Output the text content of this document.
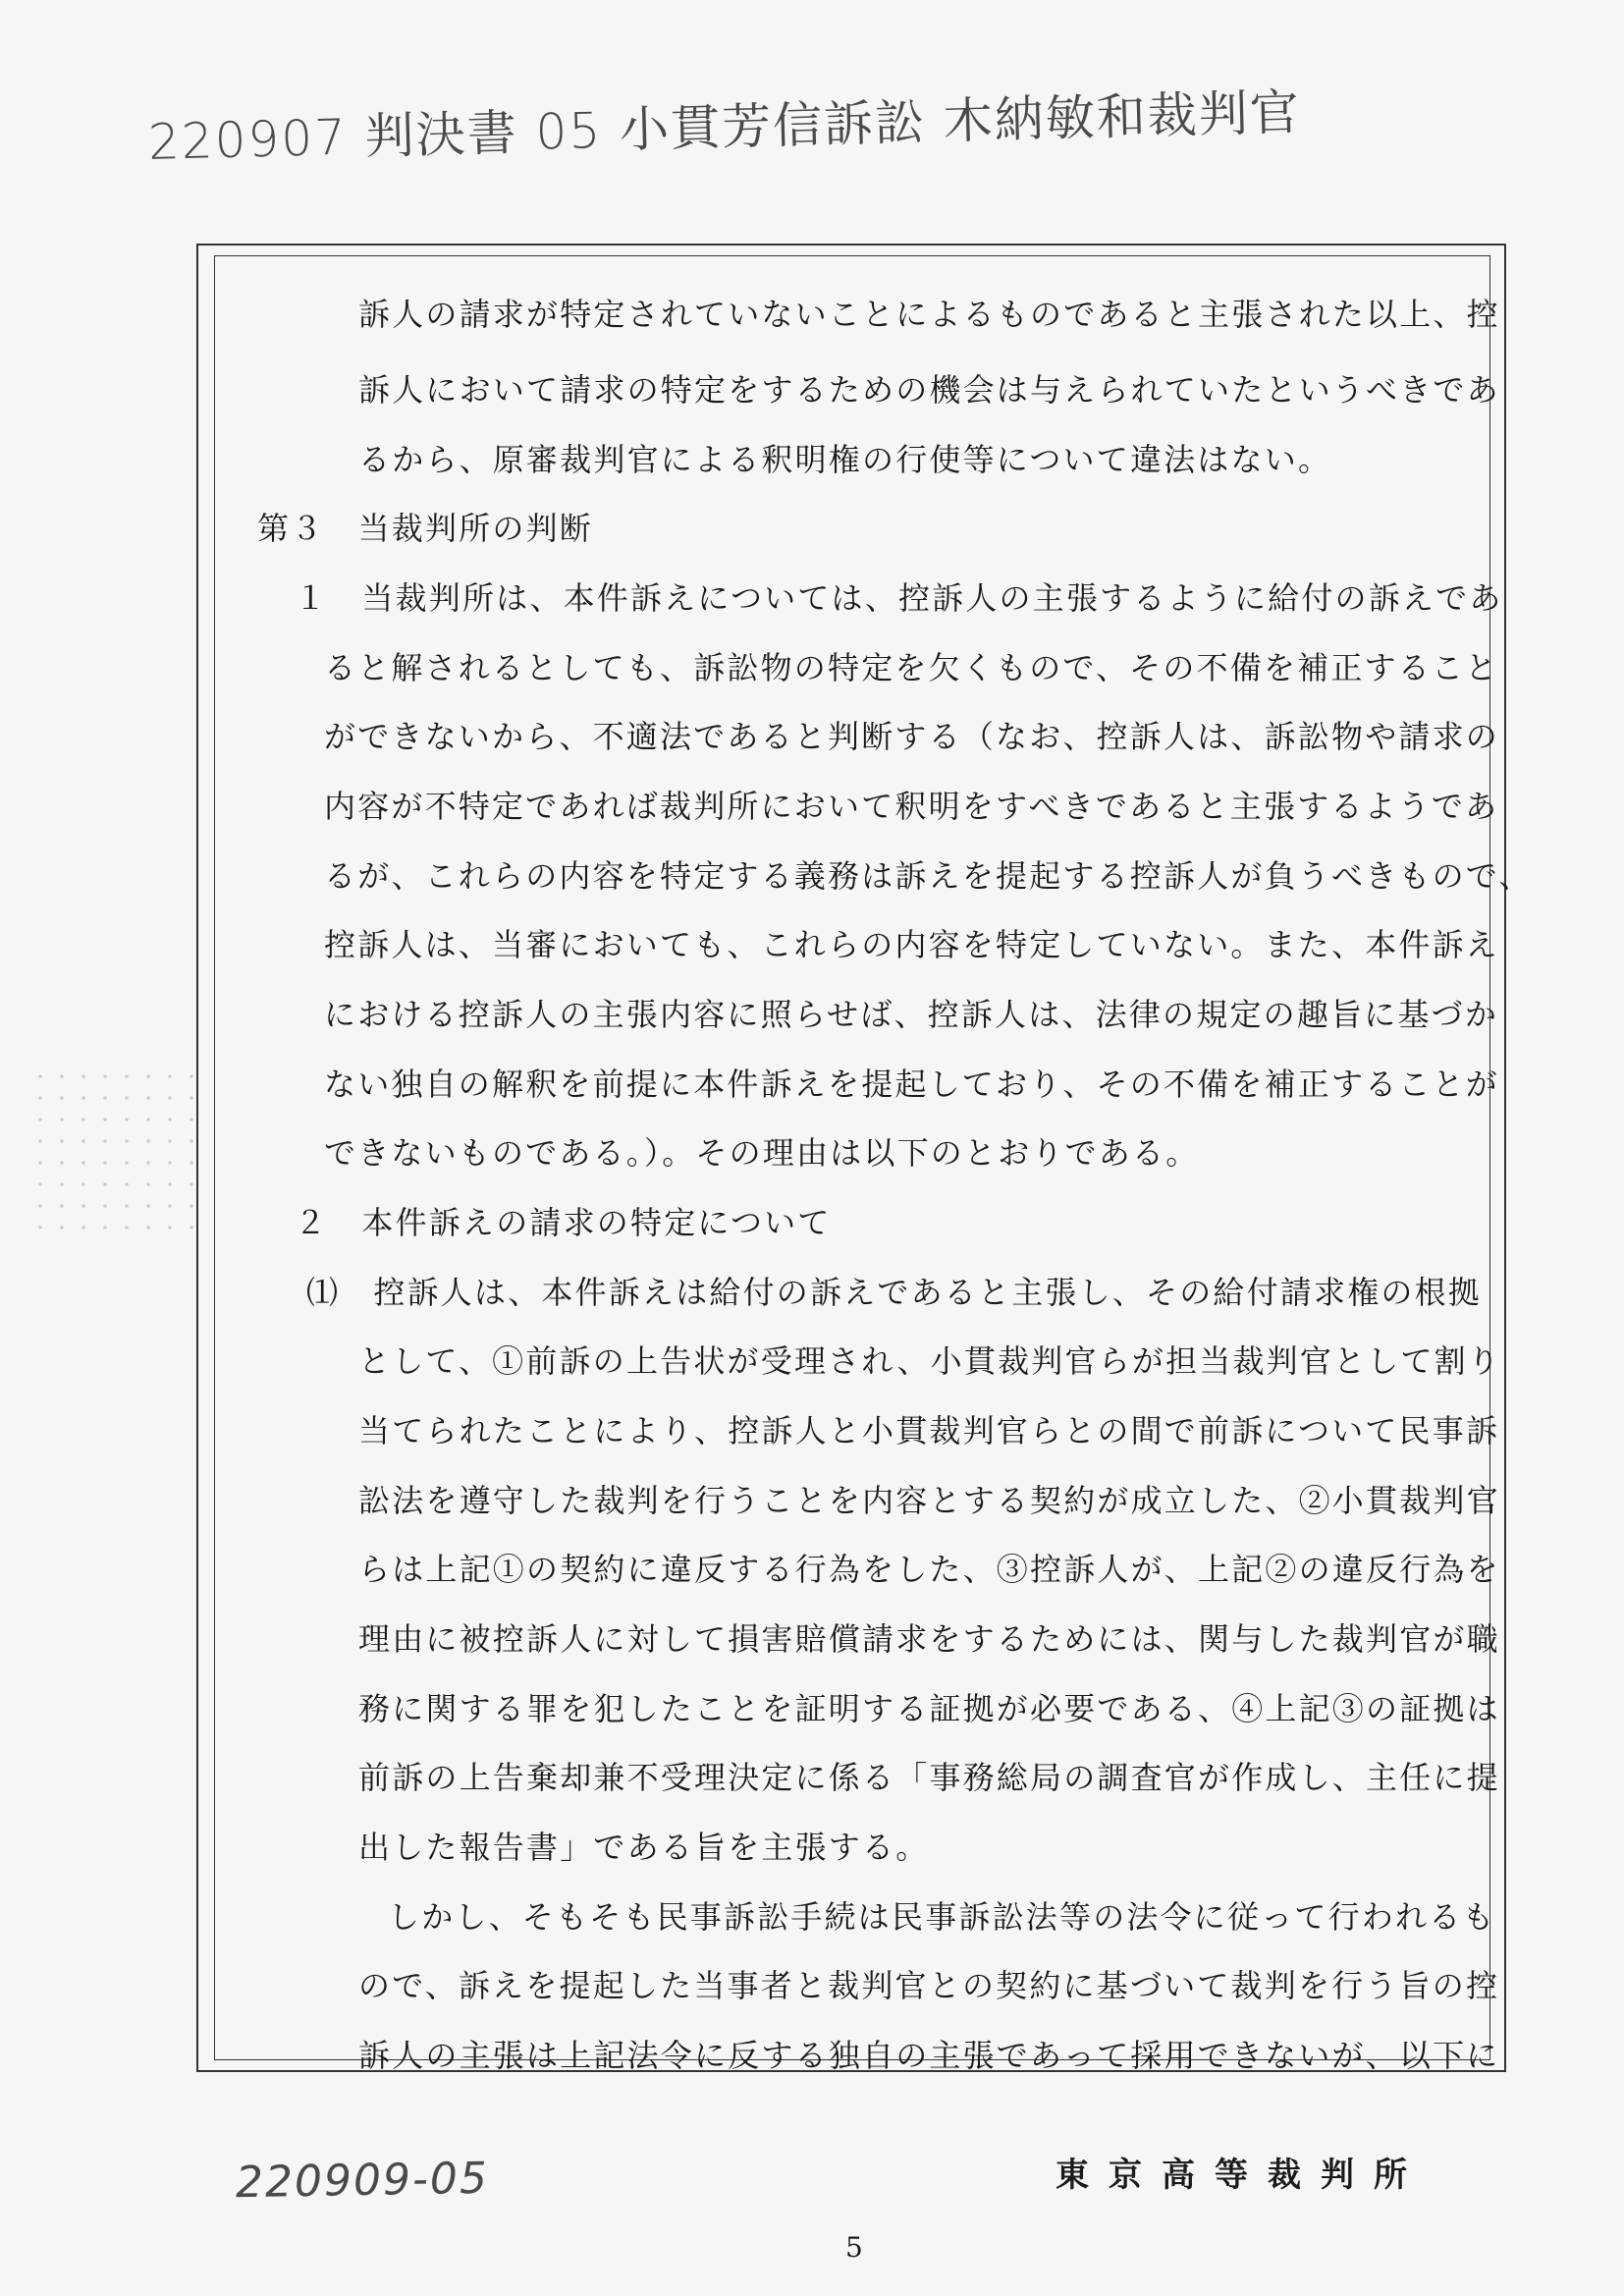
220907 判決書 05 小貫芳信訴訟 木納敏和裁判官
訴人の請求が特定されていないことによるものであると主張された以上、控
訴人において請求の特定をするための機会は与えられていたというべきであ
るから、原審裁判官による釈明権の行使等について違法はない。
第３　当裁判所の判断
１　当裁判所は、本件訴えについては、控訴人の主張するように給付の訴えであ
ると解されるとしても、訴訟物の特定を欠くもので、その不備を補正すること
ができないから、不適法であると判断する（なお、控訴人は、訴訟物や請求の
内容が不特定であれば裁判所において釈明をすべきであると主張するようであ
るが、これらの内容を特定する義務は訴えを提起する控訴人が負うべきもので、
控訴人は、当審においても、これらの内容を特定していない。また、本件訴え
における控訴人の主張内容に照らせば、控訴人は、法律の規定の趣旨に基づか
ない独自の解釈を前提に本件訴えを提起しており、その不備を補正することが
できないものである。）。その理由は以下のとおりである。
２　本件訴えの請求の特定について
⑴　控訴人は、本件訴えは給付の訴えであると主張し、その給付請求権の根拠
として、①前訴の上告状が受理され、小貫裁判官らが担当裁判官として割り
当てられたことにより、控訴人と小貫裁判官らとの間で前訴について民事訴
訟法を遵守した裁判を行うことを内容とする契約が成立した、②小貫裁判官
らは上記①の契約に違反する行為をした、③控訴人が、上記②の違反行為を
理由に被控訴人に対して損害賠償請求をするためには、関与した裁判官が職
務に関する罪を犯したことを証明する証拠が必要である、④上記③の証拠は
前訴の上告棄却兼不受理決定に係る「事務総局の調査官が作成し、主任に提
出した報告書」である旨を主張する。
しかし、そもそも民事訴訟手続は民事訴訟法等の法令に従って行われるも
ので、訴えを提起した当事者と裁判官との契約に基づいて裁判を行う旨の控
訴人の主張は上記法令に反する独自の主張であって採用できないが、以下に
東京高等裁判所
220909-05
5
